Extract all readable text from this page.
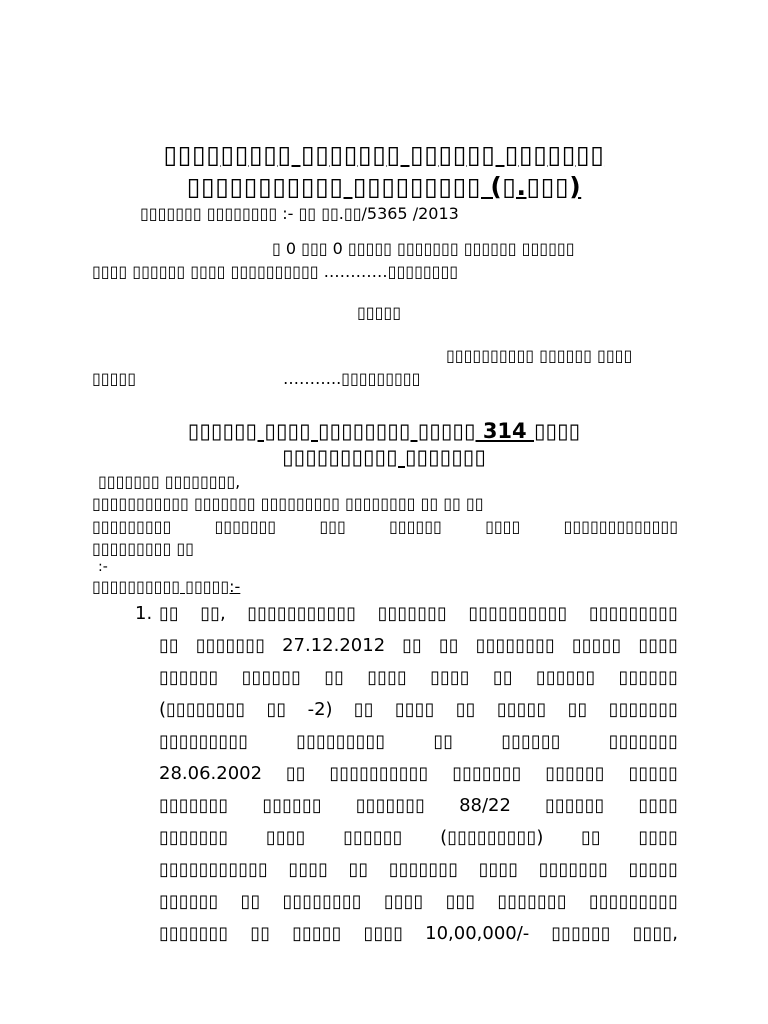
▯▯▯▯▯▯▯▯▯ ▯▯▯▯▯▯▯ ▯▯▯▯▯▯ ▯▯▯▯▯▯▯
▯▯▯▯▯▯▯▯▯▯▯ ▯▯▯▯▯▯▯▯▯ (▯.▯▯▯)
▯▯▯▯▯▯▯ ▯▯▯▯▯▯▯▯ :- ▯▯ ▯▯.▯▯/5365 /2013
▯ 0 ▯▯▯ 0 ▯▯▯▯▯ ▯▯▯▯▯▯▯ ▯▯▯▯▯▯ ▯▯▯▯▯▯
▯▯▯▯ ▯▯▯▯▯▯ ▯▯▯▯ ▯▯▯▯▯▯▯▯▯▯ …………▯▯▯▯▯▯▯▯
▯▯▯▯▯
▯▯▯▯▯▯▯▯▯▯ ▯▯▯▯▯▯ ▯▯▯▯
▯▯▯▯▯	………..▯▯▯▯▯▯▯▯▯
▯▯▯▯▯▯ ▯▯▯▯ ▯▯▯▯▯▯▯▯ ▯▯▯▯▯ 314 ▯▯▯▯
▯▯▯▯▯▯▯▯▯▯ ▯▯▯▯▯▯▯
▯▯▯▯▯▯▯ ▯▯▯▯▯▯▯▯,
▯▯▯▯▯▯▯▯▯▯▯ ▯▯▯▯▯▯▯ ▯▯▯▯▯▯▯▯▯ ▯▯▯▯▯▯▯▯ ▯▯ ▯▯ ▯▯
▯▯▯▯▯▯▯▯▯ ▯▯▯▯▯▯▯ ▯▯▯ ▯▯▯▯▯▯ ▯▯▯▯ ▯▯▯▯▯▯▯▯▯▯▯▯▯
▯▯▯▯▯▯▯▯▯ ▯▯
:-
▯▯▯▯▯▯▯▯▯▯ ▯▯▯▯▯:-
1. ▯▯ ▯▯, ▯▯▯▯▯▯▯▯▯▯▯ ▯▯▯▯▯▯▯ ▯▯▯▯▯▯▯▯▯▯ ▯▯▯▯▯▯▯▯▯
▯▯ ▯▯▯▯▯▯▯ 27.12.2012 ▯▯ ▯▯ ▯▯▯▯▯▯▯▯ ▯▯▯▯▯ ▯▯▯▯
▯▯▯▯▯▯ ▯▯▯▯▯▯ ▯▯ ▯▯▯▯ ▯▯▯▯ ▯▯ ▯▯▯▯▯▯ ▯▯▯▯▯▯
(▯▯▯▯▯▯▯▯ ▯▯ -2) ▯▯ ▯▯▯▯ ▯▯ ▯▯▯▯▯ ▯▯ ▯▯▯▯▯▯▯
▯▯▯▯▯▯▯▯▯ ▯▯▯▯▯▯▯▯▯ ▯▯ ▯▯▯▯▯▯ ▯▯▯▯▯▯▯
28.06.2002 ▯▯ ▯▯▯▯▯▯▯▯▯▯ ▯▯▯▯▯▯▯ ▯▯▯▯▯▯ ▯▯▯▯▯
▯▯▯▯▯▯▯ ▯▯▯▯▯▯ ▯▯▯▯▯▯▯ 88/22 ▯▯▯▯▯▯ ▯▯▯▯
▯▯▯▯▯▯▯ ▯▯▯▯ ▯▯▯▯▯▯ (▯▯▯▯▯▯▯▯▯) ▯▯ ▯▯▯▯
▯▯▯▯▯▯▯▯▯▯▯ ▯▯▯▯ ▯▯ ▯▯▯▯▯▯▯ ▯▯▯▯ ▯▯▯▯▯▯▯ ▯▯▯▯▯
▯▯▯▯▯▯ ▯▯ ▯▯▯▯▯▯▯▯ ▯▯▯▯ ▯▯▯ ▯▯▯▯▯▯▯ ▯▯▯▯▯▯▯▯▯
▯▯▯▯▯▯▯ ▯▯ ▯▯▯▯▯ ▯▯▯▯ 10,00,000/- ▯▯▯▯▯▯ ▯▯▯▯,
